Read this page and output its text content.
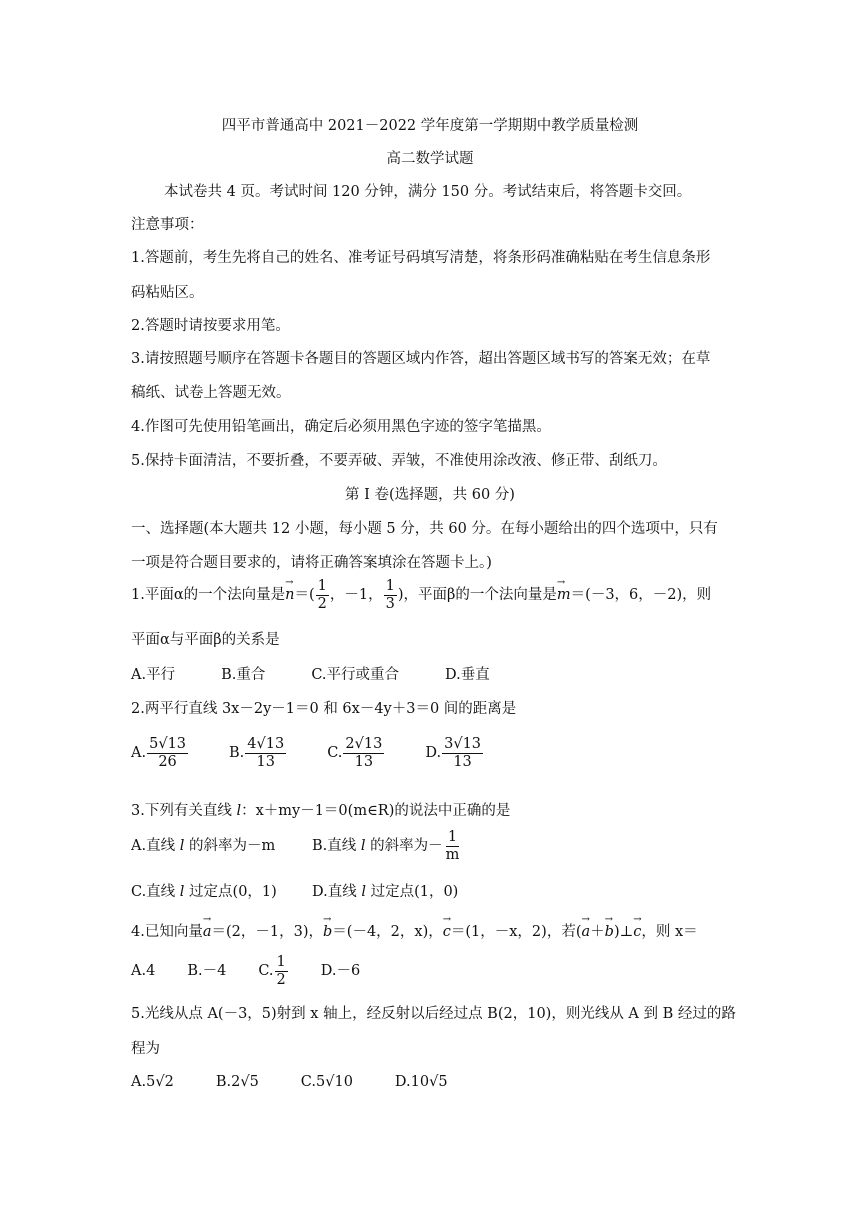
四平市普通高中 2021－2022 学年度第一学期期中教学质量检测
高二数学试题
本试卷共 4 页。考试时间 120 分钟，满分 150 分。考试结束后，将答题卡交回。
注意事项：
1.答题前，考生先将自己的姓名、准考证号码填写清楚，将条形码准确粘贴在考生信息条形
码粘贴区。
2.答题时请按要求用笔。
3.请按照题号顺序在答题卡各题目的答题区域内作答，超出答题区域书写的答案无效；在草
稿纸、试卷上答题无效。
4.作图可先使用铅笔画出，确定后必须用黑色字迹的签字笔描黑。
5.保持卡面清洁，不要折叠，不要弄破、弄皱，不准使用涂改液、修正带、刮纸刀。
第 I 卷(选择题，共 60 分)
一、选择题(本大题共 12 小题，每小题 5 分，共 60 分。在每小题给出的四个选项中，只有
一项是符合题目要求的，请将正确答案填涂在答题卡上。)
1.平面α的一个法向量是→ $n=( \frac{1}{2}$ ，－1， $\frac{1}{3}$ )，平面β的一个法向量是→ m＝(－3，6，－2)，则
平面α与平面β的关系是
A.平行	B.重合	C.平行或重合	D.垂直
2.两平行直线 3x－2y－1＝0 和 6x－4y＋3＝0 间的距离是
A. $\frac{5√13}{26}$	B. $\frac{4√13}{13}$	C. $\frac{2√13}{13}$	D. $\frac{3√13}{13}$
3.下列有关直线 l：x＋my－1＝0(m∈R)的说法中正确的是
A.直线 l 的斜率为－m	B.直线 l 的斜率为－ $\frac{1}{m}$
C.直线 l 过定点(0，1) D.直线 l 过定点(1，0)
4.已知向量→ a＝(2，－1，3)，→ b＝(－4，2，x)，→ c＝(1，－x，2)，若(→ a＋→ b)⊥→ c，则 x＝
A.4 B.－4 C. $\frac{1}{2} D.-6$
5.光线从点 A(－3，5)射到 x 轴上，经反射以后经过点 B(2，10)，则光线从 A 到 B 经过的路
程为
A.5√2	B.2√5	C.5√10	D.10√5
